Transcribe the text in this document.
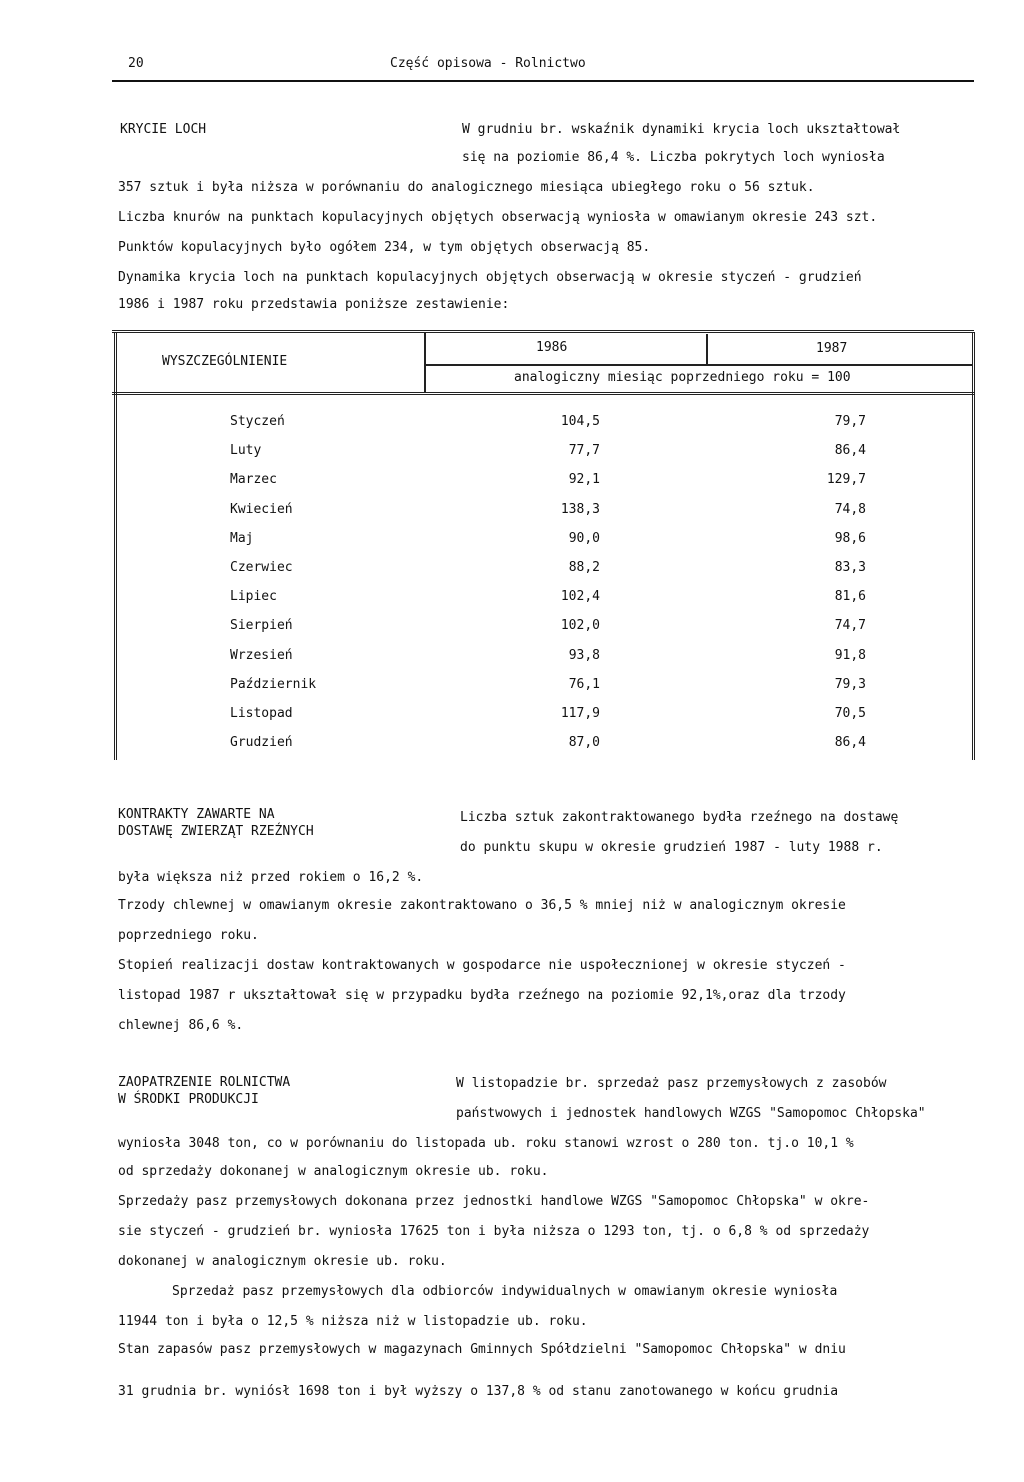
20	Część opisowa - Rolnictwo
KRYCIE LOCH	W grudniu br. wskaźnik dynamiki krycia loch ukształtował
się na poziomie 86,4 %. Liczba pokrytych loch wyniosła
357 sztuk i była niższa w porównaniu do analogicznego miesiąca ubiegłego roku o 56 sztuk.
Liczba knurów na punktach kopulacyjnych objętych obserwacją wyniosła w omawianym okresie 243 szt.
Punktów kopulacyjnych było ogółem 234, w tym objętych obserwacją 85.
Dynamika krycia loch na punktach kopulacyjnych objętych obserwacją w okresie styczeń - grudzień
1986 i 1987 roku przedstawia poniższe zestawienie:
WYSZCZEGÓLNIENIE
1986	1987
analogiczny miesiąc poprzedniego roku = 100
Styczeń	104,5	79,7
Luty	77,7	86,4
Marzec	92,1	129,7
Kwiecień	138,3	74,8
Maj	90,0	98,6
Czerwiec	88,2	83,3
Lipiec	102,4	81,6
Sierpień	102,0	74,7
Wrzesień	93,8	91,8
Październik	76,1	79,3
Listopad	117,9	70,5
Grudzień	87,0	86,4
KONTRAKTY ZAWARTE NA
DOSTAWĘ ZWIERZĄT RZEŹNYCH
Liczba sztuk zakontraktowanego bydła rzeźnego na dostawę
do punktu skupu w okresie grudzień 1987 - luty 1988 r.
była większa niż przed rokiem o 16,2 %.
Trzody chlewnej w omawianym okresie zakontraktowano o 36,5 % mniej niż w analogicznym okresie
poprzedniego roku.
Stopień realizacji dostaw kontraktowanych w gospodarce nie uspołecznionej w okresie styczeń -
listopad 1987 r ukształtował się w przypadku bydła rzeźnego na poziomie 92,1%,oraz dla trzody
chlewnej 86,6 %.
ZAOPATRZENIE ROLNICTWA
W ŚRODKI PRODUKCJI
W listopadzie br. sprzedaż pasz przemysłowych z zasobów
państwowych i jednostek handlowych WZGS "Samopomoc Chłopska"
wyniosła 3048 ton, co w porównaniu do listopada ub. roku stanowi wzrost o 280 ton. tj.o 10,1 %
od sprzedaży dokonanej w analogicznym okresie ub. roku.
Sprzedaży pasz przemysłowych dokonana przez jednostki handlowe WZGS "Samopomoc Chłopska" w okre-
sie styczeń - grudzień br. wyniosła 17625 ton i była niższa o 1293 ton, tj. o 6,8 % od sprzedaży
dokonanej w analogicznym okresie ub. roku.
Sprzedaż pasz przemysłowych dla odbiorców indywidualnych w omawianym okresie wyniosła
11944 ton i była o 12,5 % niższa niż w listopadzie ub. roku.
Stan zapasów pasz przemysłowych w magazynach Gminnych Spółdzielni "Samopomoc Chłopska" w dniu
31 grudnia br. wyniósł 1698 ton i był wyższy o 137,8 % od stanu zanotowanego w końcu grudnia
